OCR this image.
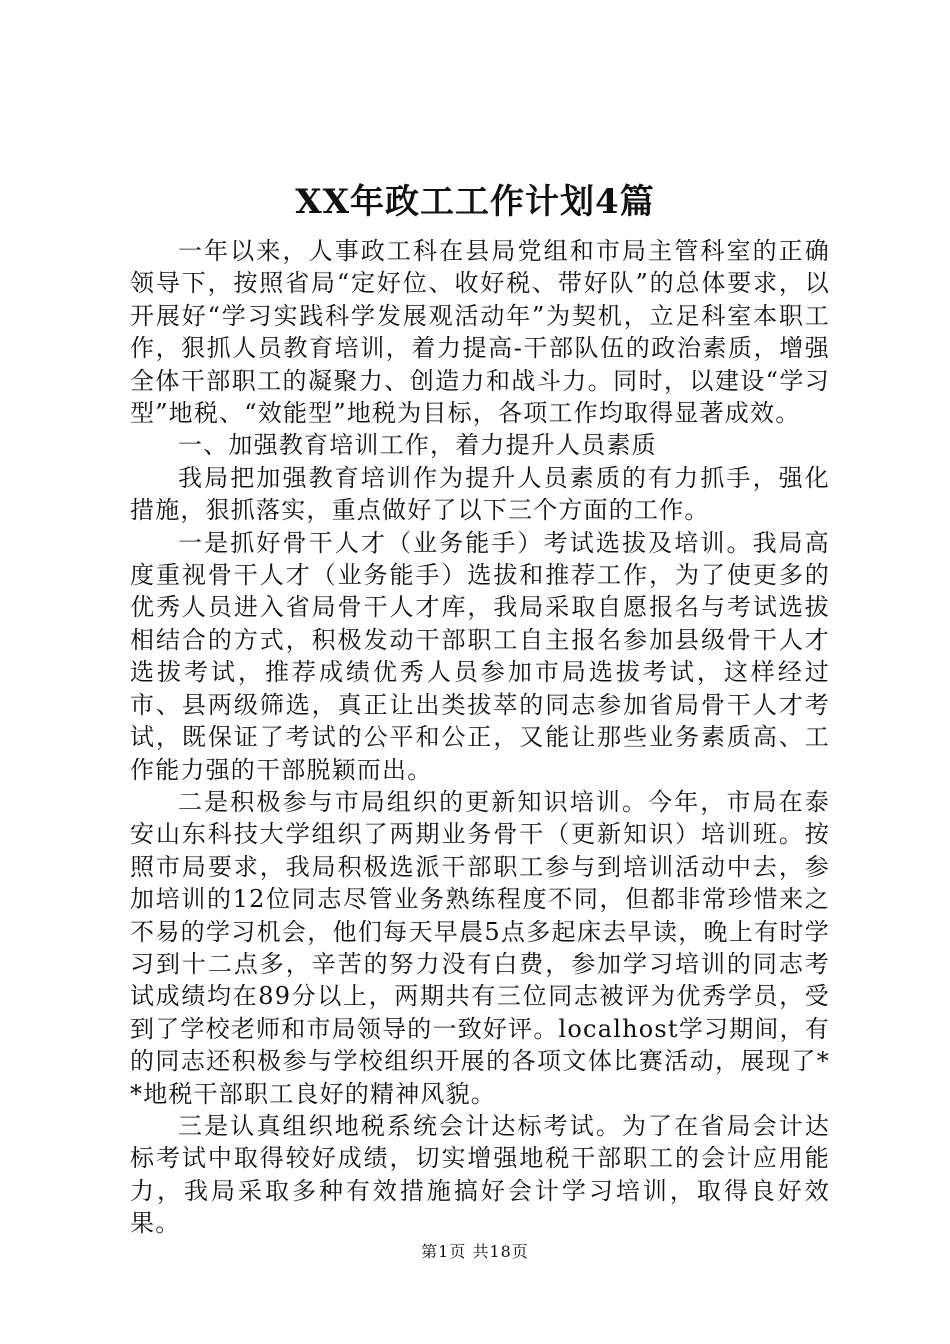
XX年政工工作计划4篇

一年以来，人事政工科在县局党组和市局主管科室的正确领导下，按照省局“定好位、收好税、带好队”的总体要求，以开展好“学习实践科学发展观活动年”为契机，立足科室本职工作，狠抓人员教育培训，着力提高-干部队伍的政治素质，增强全体干部职工的凝聚力、创造力和战斗力。同时，以建设“学习型”地税、“效能型”地税为目标，各项工作均取得显著成效。

一、加强教育培训工作，着力提升人员素质

我局把加强教育培训作为提升人员素质的有力抓手，强化措施，狠抓落实，重点做好了以下三个方面的工作。

一是抓好骨干人才（业务能手）考试选拔及培训。我局高度重视骨干人才（业务能手）选拔和推荐工作，为了使更多的优秀人员进入省局骨干人才库，我局采取自愿报名与考试选拔相结合的方式，积极发动干部职工自主报名参加县级骨干人才选拔考试，推荐成绩优秀人员参加市局选拔考试，这样经过市、县两级筛选，真正让出类拔萃的同志参加省局骨干人才考试，既保证了考试的公平和公正，又能让那些业务素质高、工作能力强的干部脱颖而出。

二是积极参与市局组织的更新知识培训。今年，市局在泰安山东科技大学组织了两期业务骨干（更新知识）培训班。按照市局要求，我局积极选派干部职工参与到培训活动中去，参加培训的12位同志尽管业务熟练程度不同，但都非常珍惜来之不易的学习机会，他们每天早晨5点多起床去早读，晚上有时学习到十二点多，辛苦的努力没有白费，参加学习培训的同志考试成绩均在89分以上，两期共有三位同志被评为优秀学员，受到了学校老师和市局领导的一致好评。localhost学习期间，有的同志还积极参与学校组织开展的各项文体比赛活动，展现了**地税干部职工良好的精神风貌。

三是认真组织地税系统会计达标考试。为了在省局会计达标考试中取得较好成绩，切实增强地税干部职工的会计应用能力，我局采取多种有效措施搞好会计学习培训，取得良好效果。

第1页 共18页
